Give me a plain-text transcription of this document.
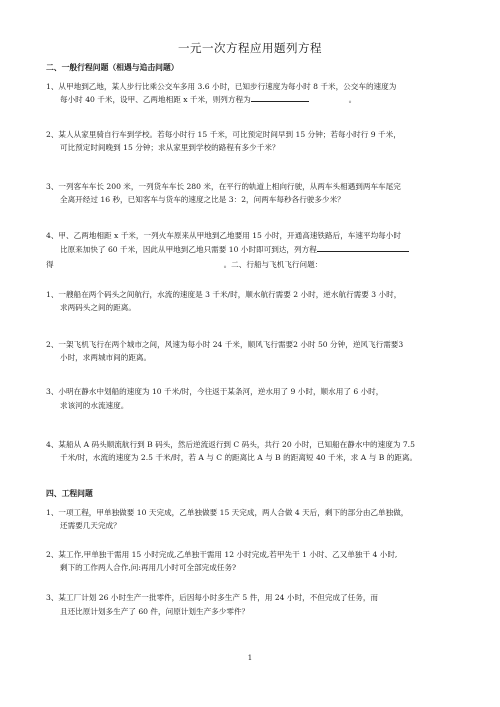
一元一次方程应用题列方程
二、一般行程问题（相遇与追击问题）
1、从甲地到乙地，某人步行比乘公交车多用 3.6 小时，已知步行速度为每小时 8 千米，公交车的速度为
每小时 40 千米，设甲、乙两地相距 x 千米，则列方程为	。
2、某人从家里骑自行车到学校。若每小时行 15 千米，可比预定时间早到 15 分钟；若每小时行 9 千米，
可比预定时间晚到 15 分钟；求从家里到学校的路程有多少千米？
3、一列客车车长 200 米，一列货车车长 280 米，在平行的轨道上相向行驶，从两车头相遇到两车车尾完
全离开经过 16 秒，已知客车与货车的速度之比是 3：2，问两车每秒各行驶多少米？
4、甲、乙两地相距 x 千米，一列火车原来从甲地到乙地要用 15 小时，开通高速铁路后，车速平均每小时
比原来加快了 60 千米，因此从甲地到乙地只需要 10 小时即可到达，列方程
得	。二、行船与飞机飞行问题：
1、一艘船在两个码头之间航行，水流的速度是 3 千米/时，顺水航行需要 2 小时，逆水航行需要 3 小时，
求两码头之间的距离。
2、一架飞机飞行在两个城市之间，风速为每小时 24 千米，顺风飞行需要2 小时 50 分钟，逆风飞行需要3
小时，求两城市间的距离。
3、小明在静水中划船的速度为 10 千米/时，今往返于某条河，逆水用了 9 小时，顺水用了 6 小时，
求该河的水流速度。
4、某船从 A 码头顺流航行到 B 码头，然后逆流返行到 C 码头，共行 20 小时，已知船在静水中的速度为 7.5
千米/时，水流的速度为 2.5 千米/时，若 A 与 C 的距离比 A 与 B 的距离短 40 千米，求 A 与 B 的距离。
四、工程问题
1、一项工程，甲单独做要 10 天完成，乙单独做要 15 天完成，两人合做 4 天后，剩下的部分由乙单独做，
还需要几天完成？
2、某工作,甲单独干需用 15 小时完成,乙单独干需用 12 小时完成,若甲先干 1 小时、乙又单独干 4 小时,
剩下的工作两人合作,问:再用几小时可全部完成任务?
3、某工厂计划 26 小时生产一批零件，后因每小时多生产 5 件，用 24 小时，不但完成了任务，而
且还比原计划多生产了 60 件，问原计划生产多少零件？
1
